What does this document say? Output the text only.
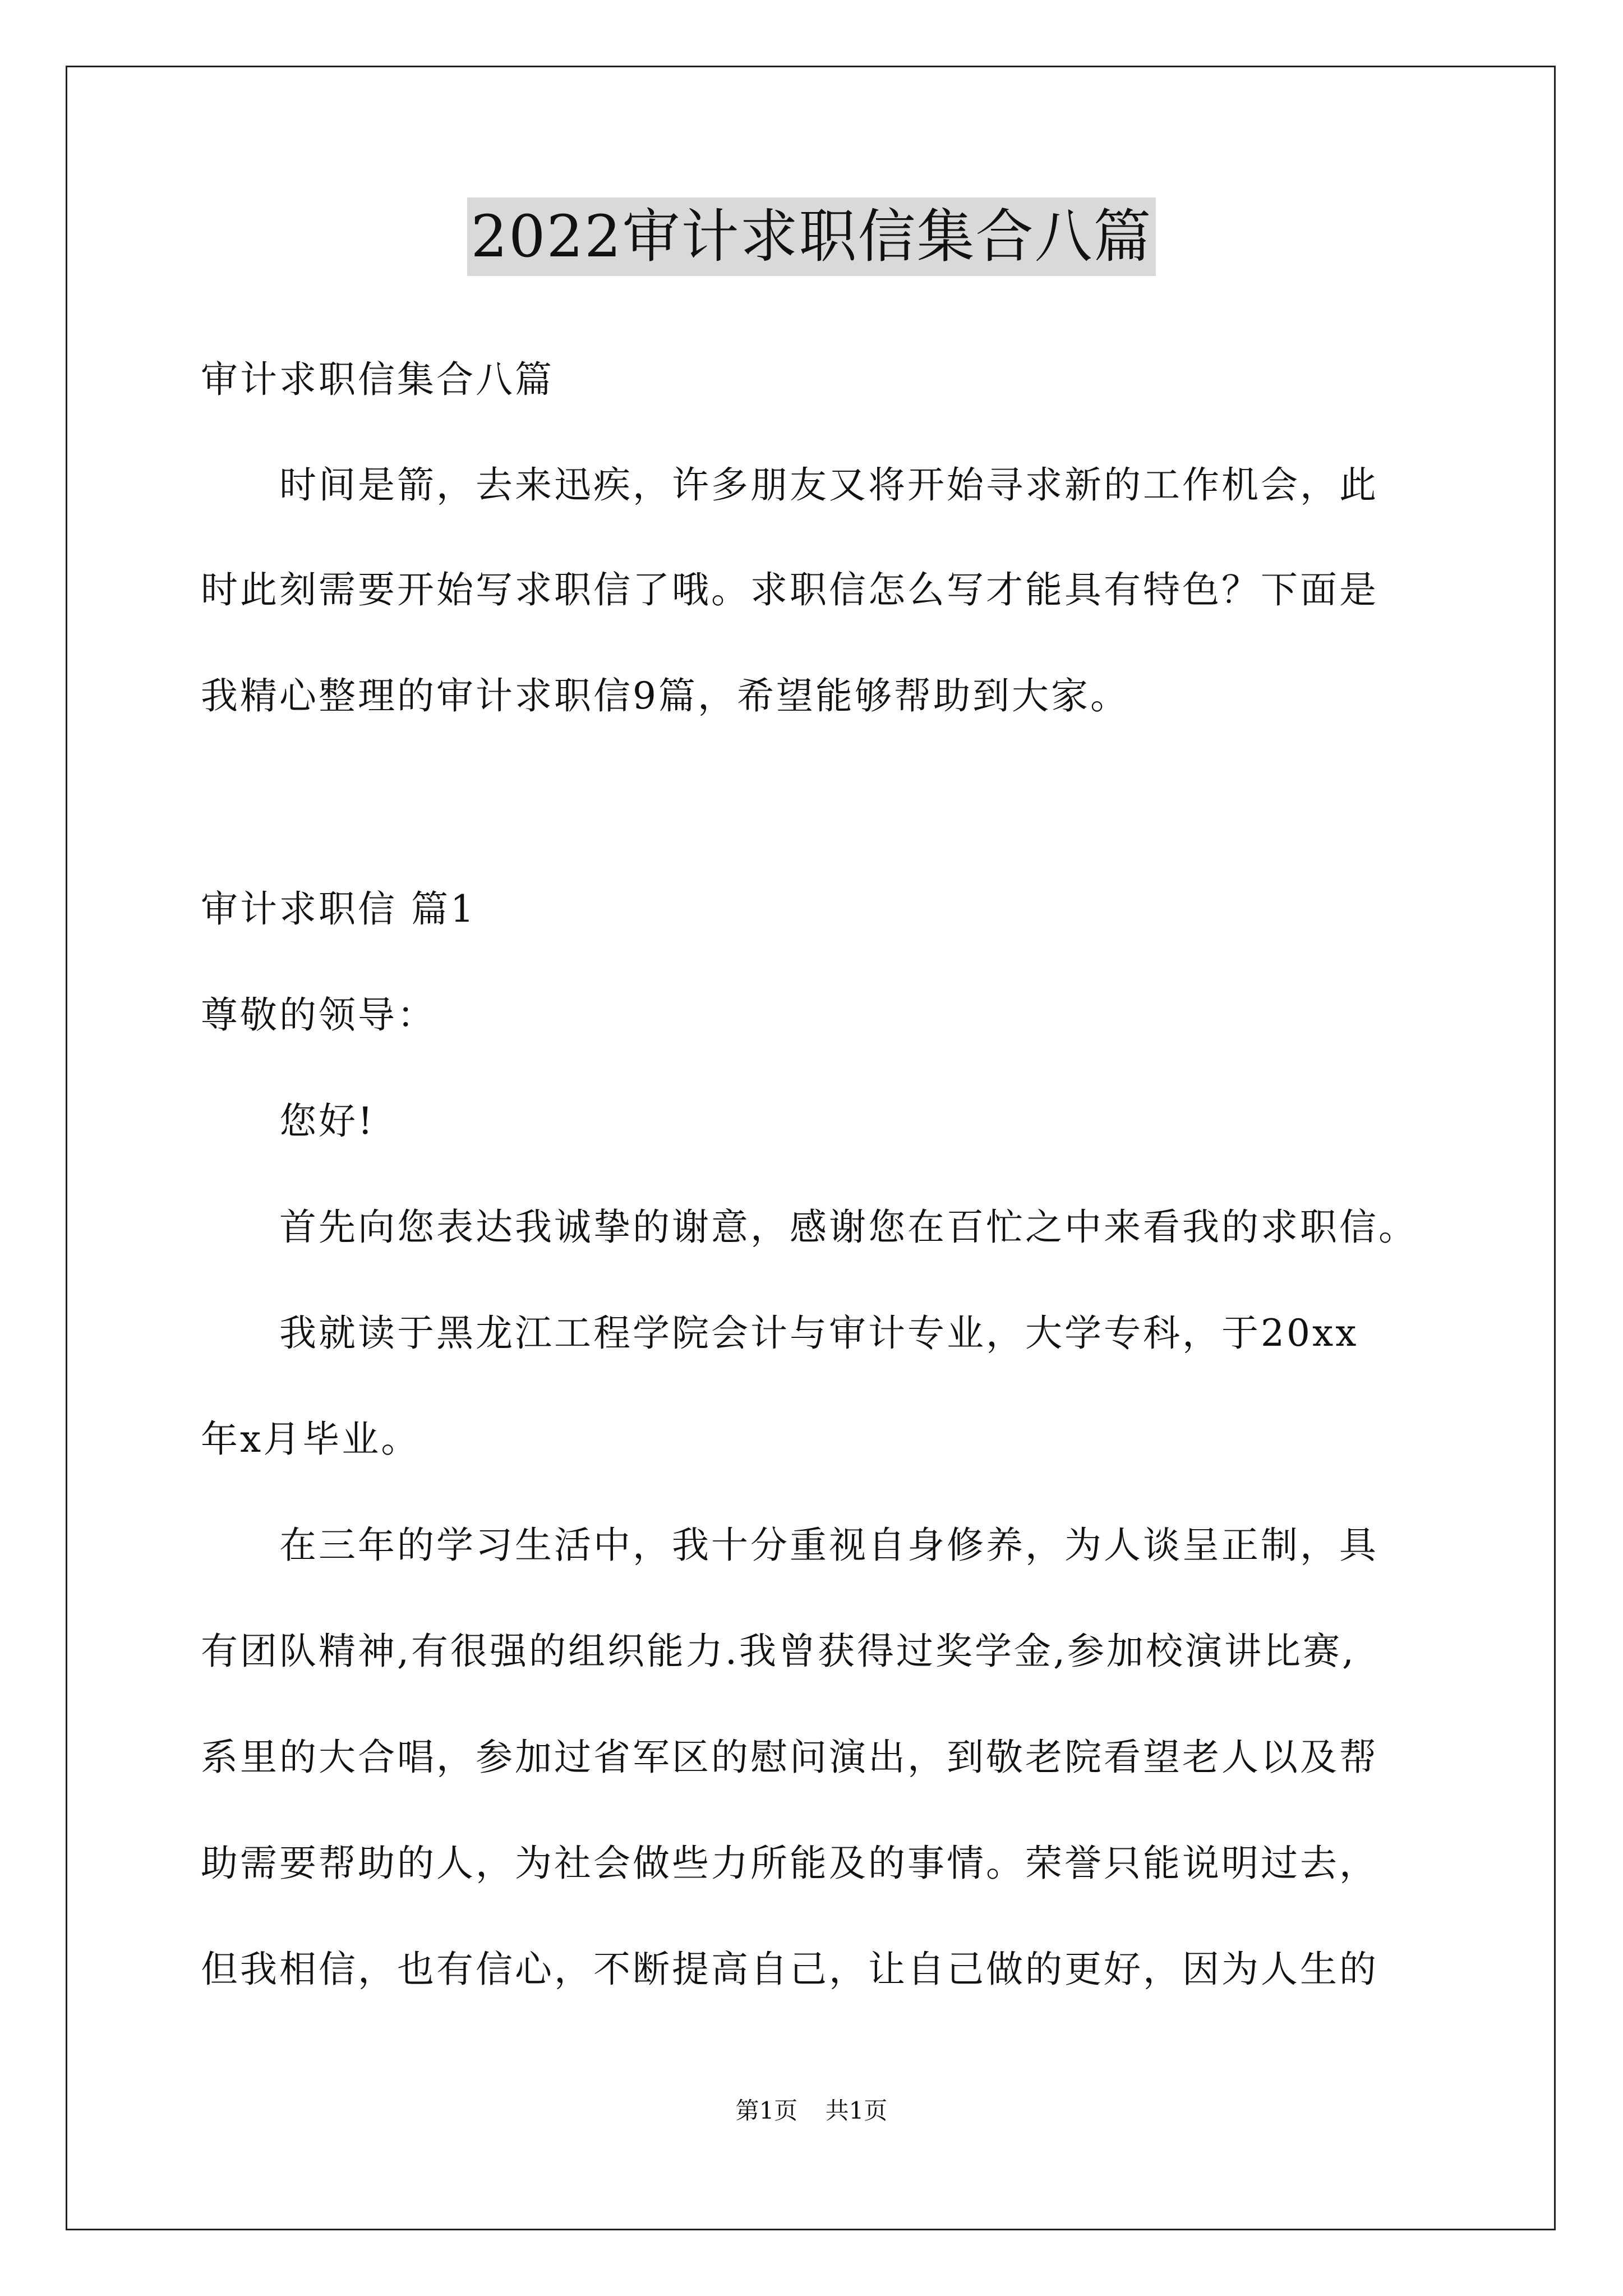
2022审计求职信集合八篇
审计求职信集合八篇
　　时间是箭，去来迅疾，许多朋友又将开始寻求新的工作机会，此
时此刻需要开始写求职信了哦。求职信怎么写才能具有特色？下面是
我精心整理的审计求职信9篇，希望能够帮助到大家。
审计求职信 篇1
尊敬的领导：
　　您好!
　　首先向您表达我诚挚的谢意，感谢您在百忙之中来看我的求职信。
　　我就读于黑龙江工程学院会计与审计专业，大学专科，于20xx
年x月毕业。
　　在三年的学习生活中，我十分重视自身修养，为人谈呈正制，具
有团队精神,有很强的组织能力.我曾获得过奖学金,参加校演讲比赛,
系里的大合唱，参加过省军区的慰问演出，到敬老院看望老人以及帮
助需要帮助的人，为社会做些力所能及的事情。荣誉只能说明过去，
但我相信，也有信心，不断提高自己，让自己做的更好，因为人生的
第1页 共1页
